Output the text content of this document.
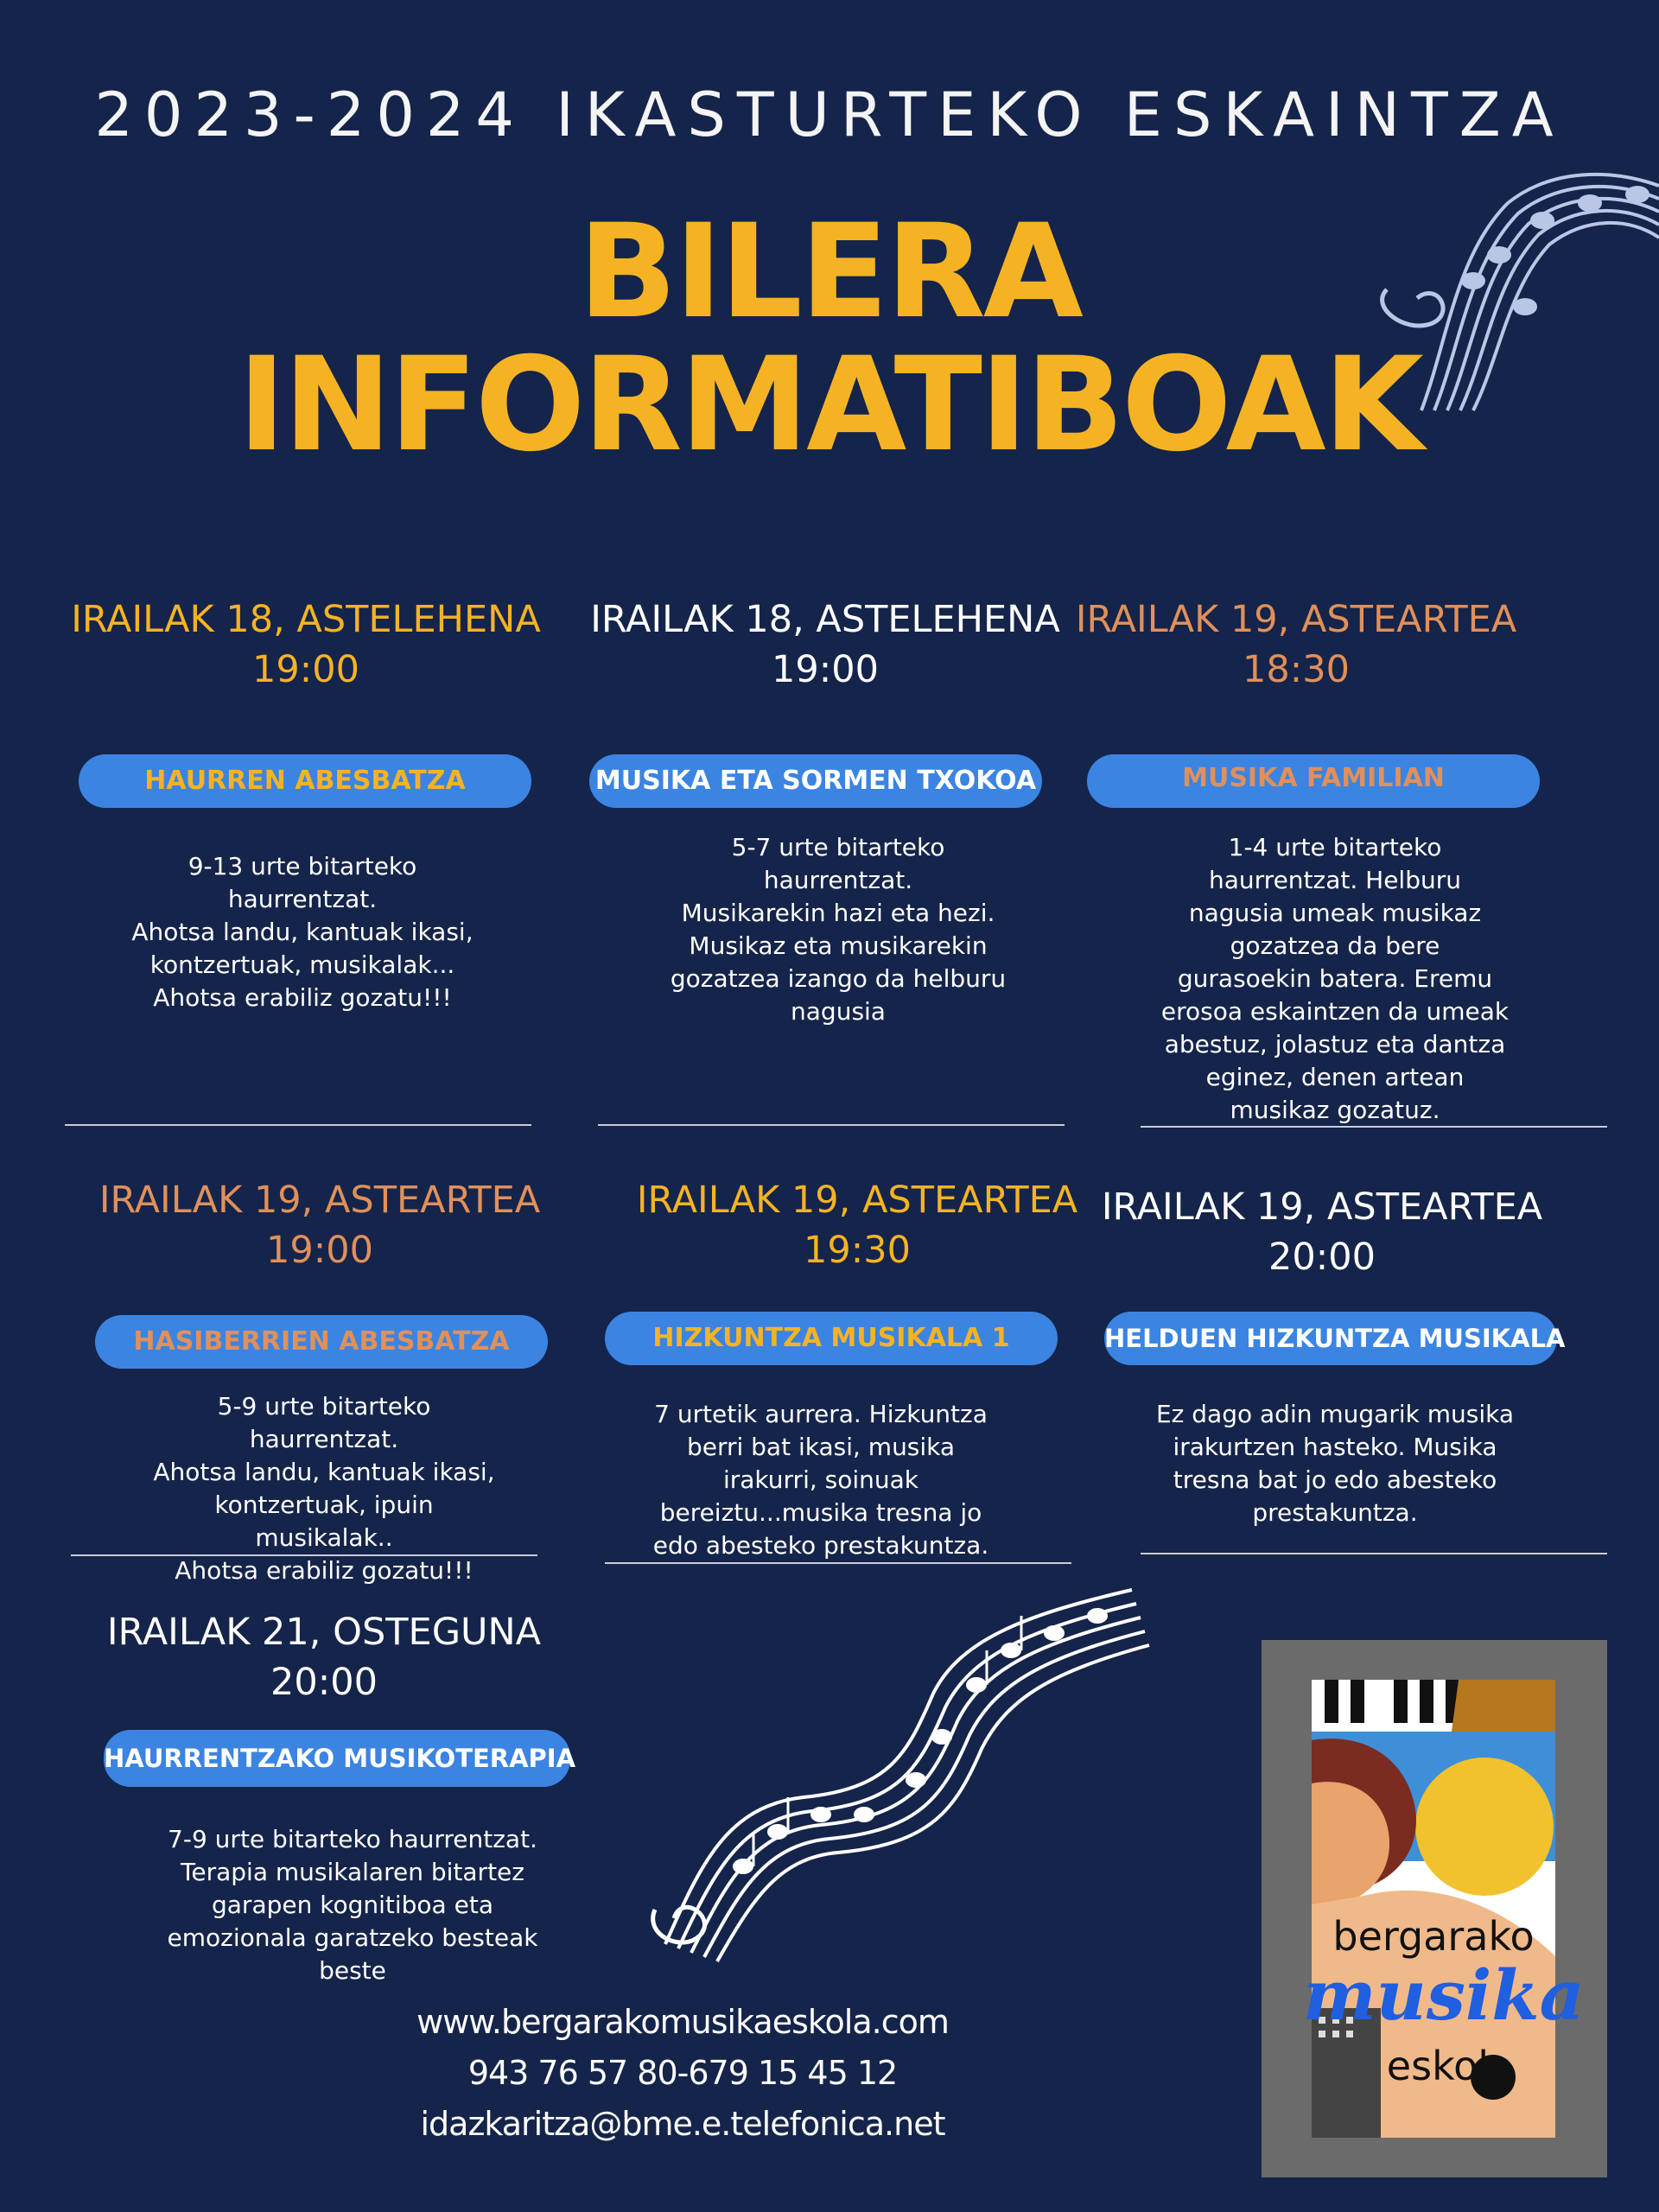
2023-2024 IKASTURTEKO ESKAINTZA
BILERA
INFORMATIBOAK
IRAILAK 18, ASTELEHENA
19:00
HAURREN ABESBATZA
9-13 urte bitarteko
haurrentzat.
Ahotsa landu, kantuak ikasi,
kontzertuak, musikalak...
Ahotsa erabiliz gozatu!!!
IRAILAK 18, ASTELEHENA
19:00
MUSIKA ETA SORMEN TXOKOA
5-7 urte bitarteko
haurrentzat.
Musikarekin hazi eta hezi.
Musikaz eta musikarekin
gozatzea izango da helburu
nagusia
IRAILAK 19, ASTEARTEA
18:30
MUSIKA FAMILIAN
1-4 urte bitarteko
haurrentzat. Helburu
nagusia umeak musikaz
gozatzea da bere
gurasoekin batera. Eremu
erosoa eskaintzen da umeak
abestuz, jolastuz eta dantza
eginez, denen artean
musikaz gozatuz.
IRAILAK 19, ASTEARTEA
19:00
HASIBERRIEN ABESBATZA
5-9 urte bitarteko
haurrentzat.
Ahotsa landu, kantuak ikasi,
kontzertuak, ipuin musikalak..
Ahotsa erabiliz gozatu!!!
IRAILAK 19, ASTEARTEA
19:30
HIZKUNTZA MUSIKALA 1
7 urtetik aurrera. Hizkuntza
berri bat ikasi, musika
irakurri, soinuak
bereiztu...musika tresna jo
edo abesteko prestakuntza.
IRAILAK 19, ASTEARTEA
20:00
HELDUEN HIZKUNTZA MUSIKALA
Ez dago adin mugarik musika
irakurtzen hasteko. Musika
tresna bat jo edo abesteko
prestakuntza.
IRAILAK 21, OSTEGUNA
20:00
HAURRENTZAKO MUSIKOTERAPIA
7-9 urte bitarteko haurrentzat.
Terapia musikalaren bitartez
garapen kognitiboa eta
emozionala garatzeko besteak
beste
www.bergarakomusikaeskola.com
943 76 57 80-679 15 45 12
idazkaritza@bme.e.telefonica.net
bergarako
musika
eskola
